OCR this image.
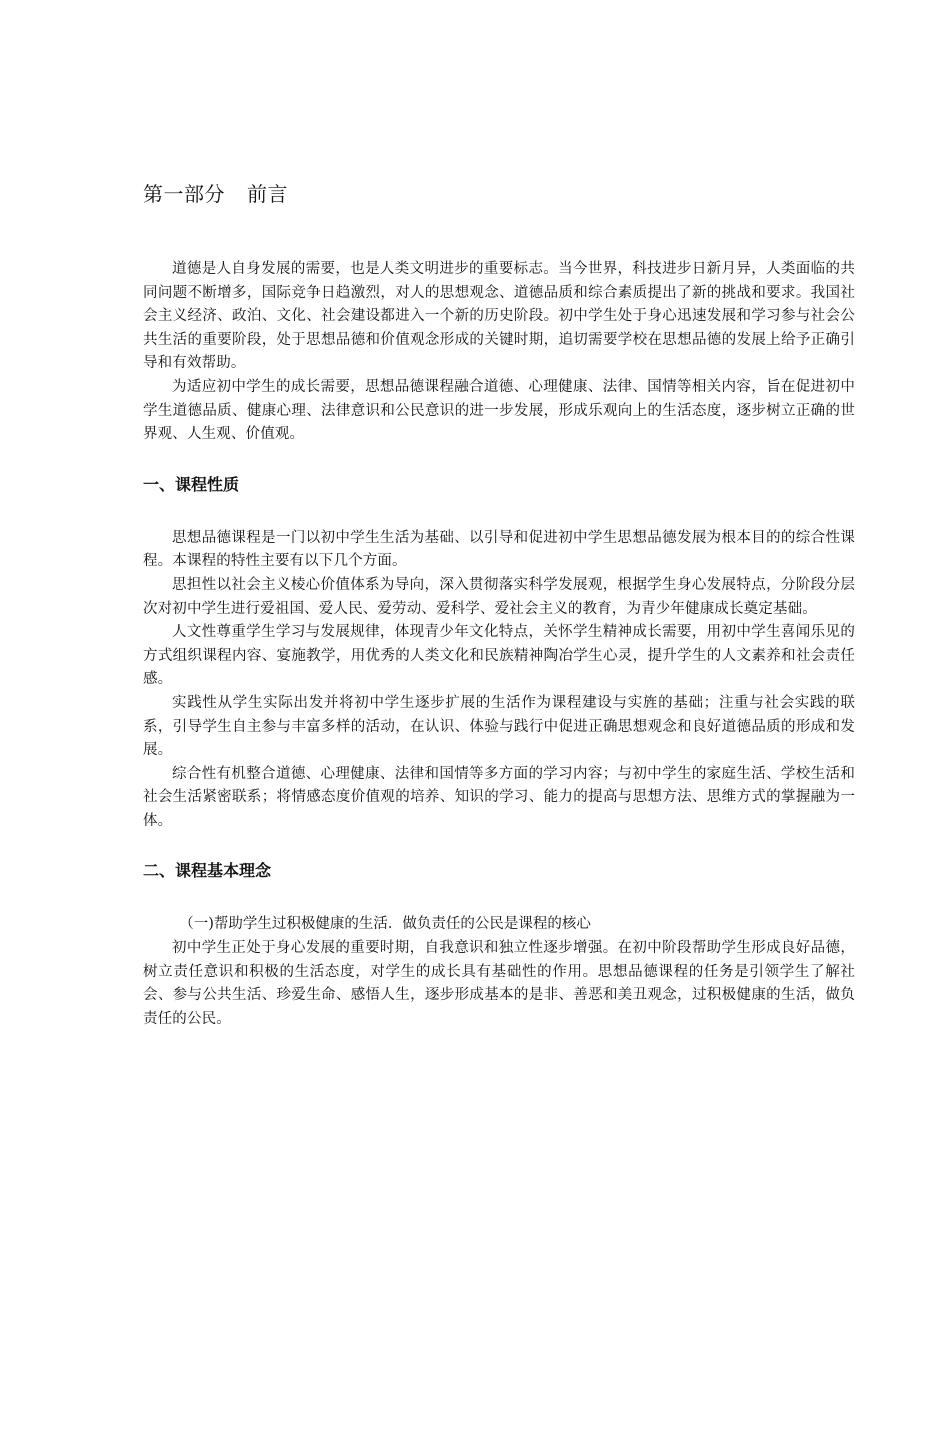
第一部分 前言

道德是人自身发展的需要，也是人类文明进步的重要标志。当今世界，科技进步日新月异，人类面临的共同问题不断增多，国际竞争日趋激烈，对人的思想观念、道德品质和综合素质提出了新的挑战和要求。我国社会主义经济、政泊、文化、社会建设都进入一个新的历史阶段。初中学生处于身心迅速发展和学习参与社会公共生活的重要阶段，处于思想品德和价值观念形成的关键时期，追切需要学校在思想品德的发展上给予正确引导和有效帮助。

为适应初中学生的成长需要，思想品德课程融合道德、心理健康、法律、国情等相关内容，旨在促进初中学生道德品质、健康心理、法律意识和公民意识的进一步发展，形成乐观向上的生活态度，逐步树立正确的世界观、人生观、价值观。

一、课程性质

思想品德课程是一门以初中学生生活为基础、以引导和促进初中学生思想品德发展为根本目的的综合性课程。本课程的特性主要有以下几个方面。

思担性以社会主义棱心价值体系为导向，深入贯彻落实科学发展观，根据学生身心发展特点，分阶段分层次对初中学生进行爱祖国、爱人民、爱劳动、爱科学、爱社会主义的教育，为青少年健康成长奠定基础。

人文性尊重学生学习与发展规律，体现青少年文化特点，关怀学生精神成长需要，用初中学生喜闻乐见的方式组织课程内容、宴施教学，用优秀的人类文化和民族精神陶冶学生心灵，提升学生的人文素养和社会责任感。

实践性从学生实际出发并将初中学生逐步扩展的生活作为课程建设与实旌的基础；注重与社会实践的联系，引导学生自主参与丰富多样的活动，在认识、体验与践行中促进正确思想观念和良好道德品质的形成和发展。

综合性有机整合道德、心理健康、法律和国情等多方面的学习内容；与初中学生的家庭生活、学校生活和社会生活紧密联系；将情感态度价值观的培养、知识的学习、能力的提高与思想方法、思维方式的掌握融为一体。

二、课程基本理念

（一)帮助学生过积极健康的生活．做负责任的公民是课程的核心

初中学生正处于身心发展的重要时期，自我意识和独立性逐步增强。在初中阶段帮助学生形成良好品德，树立责任意识和积极的生活态度，对学生的成长具有基础性的作用。思想品德课程的任务是引领学生了解社会、参与公共生活、珍爱生命、感悟人生，逐步形成基本的是非、善恶和美丑观念，过积极健康的生活，做负责任的公民。
